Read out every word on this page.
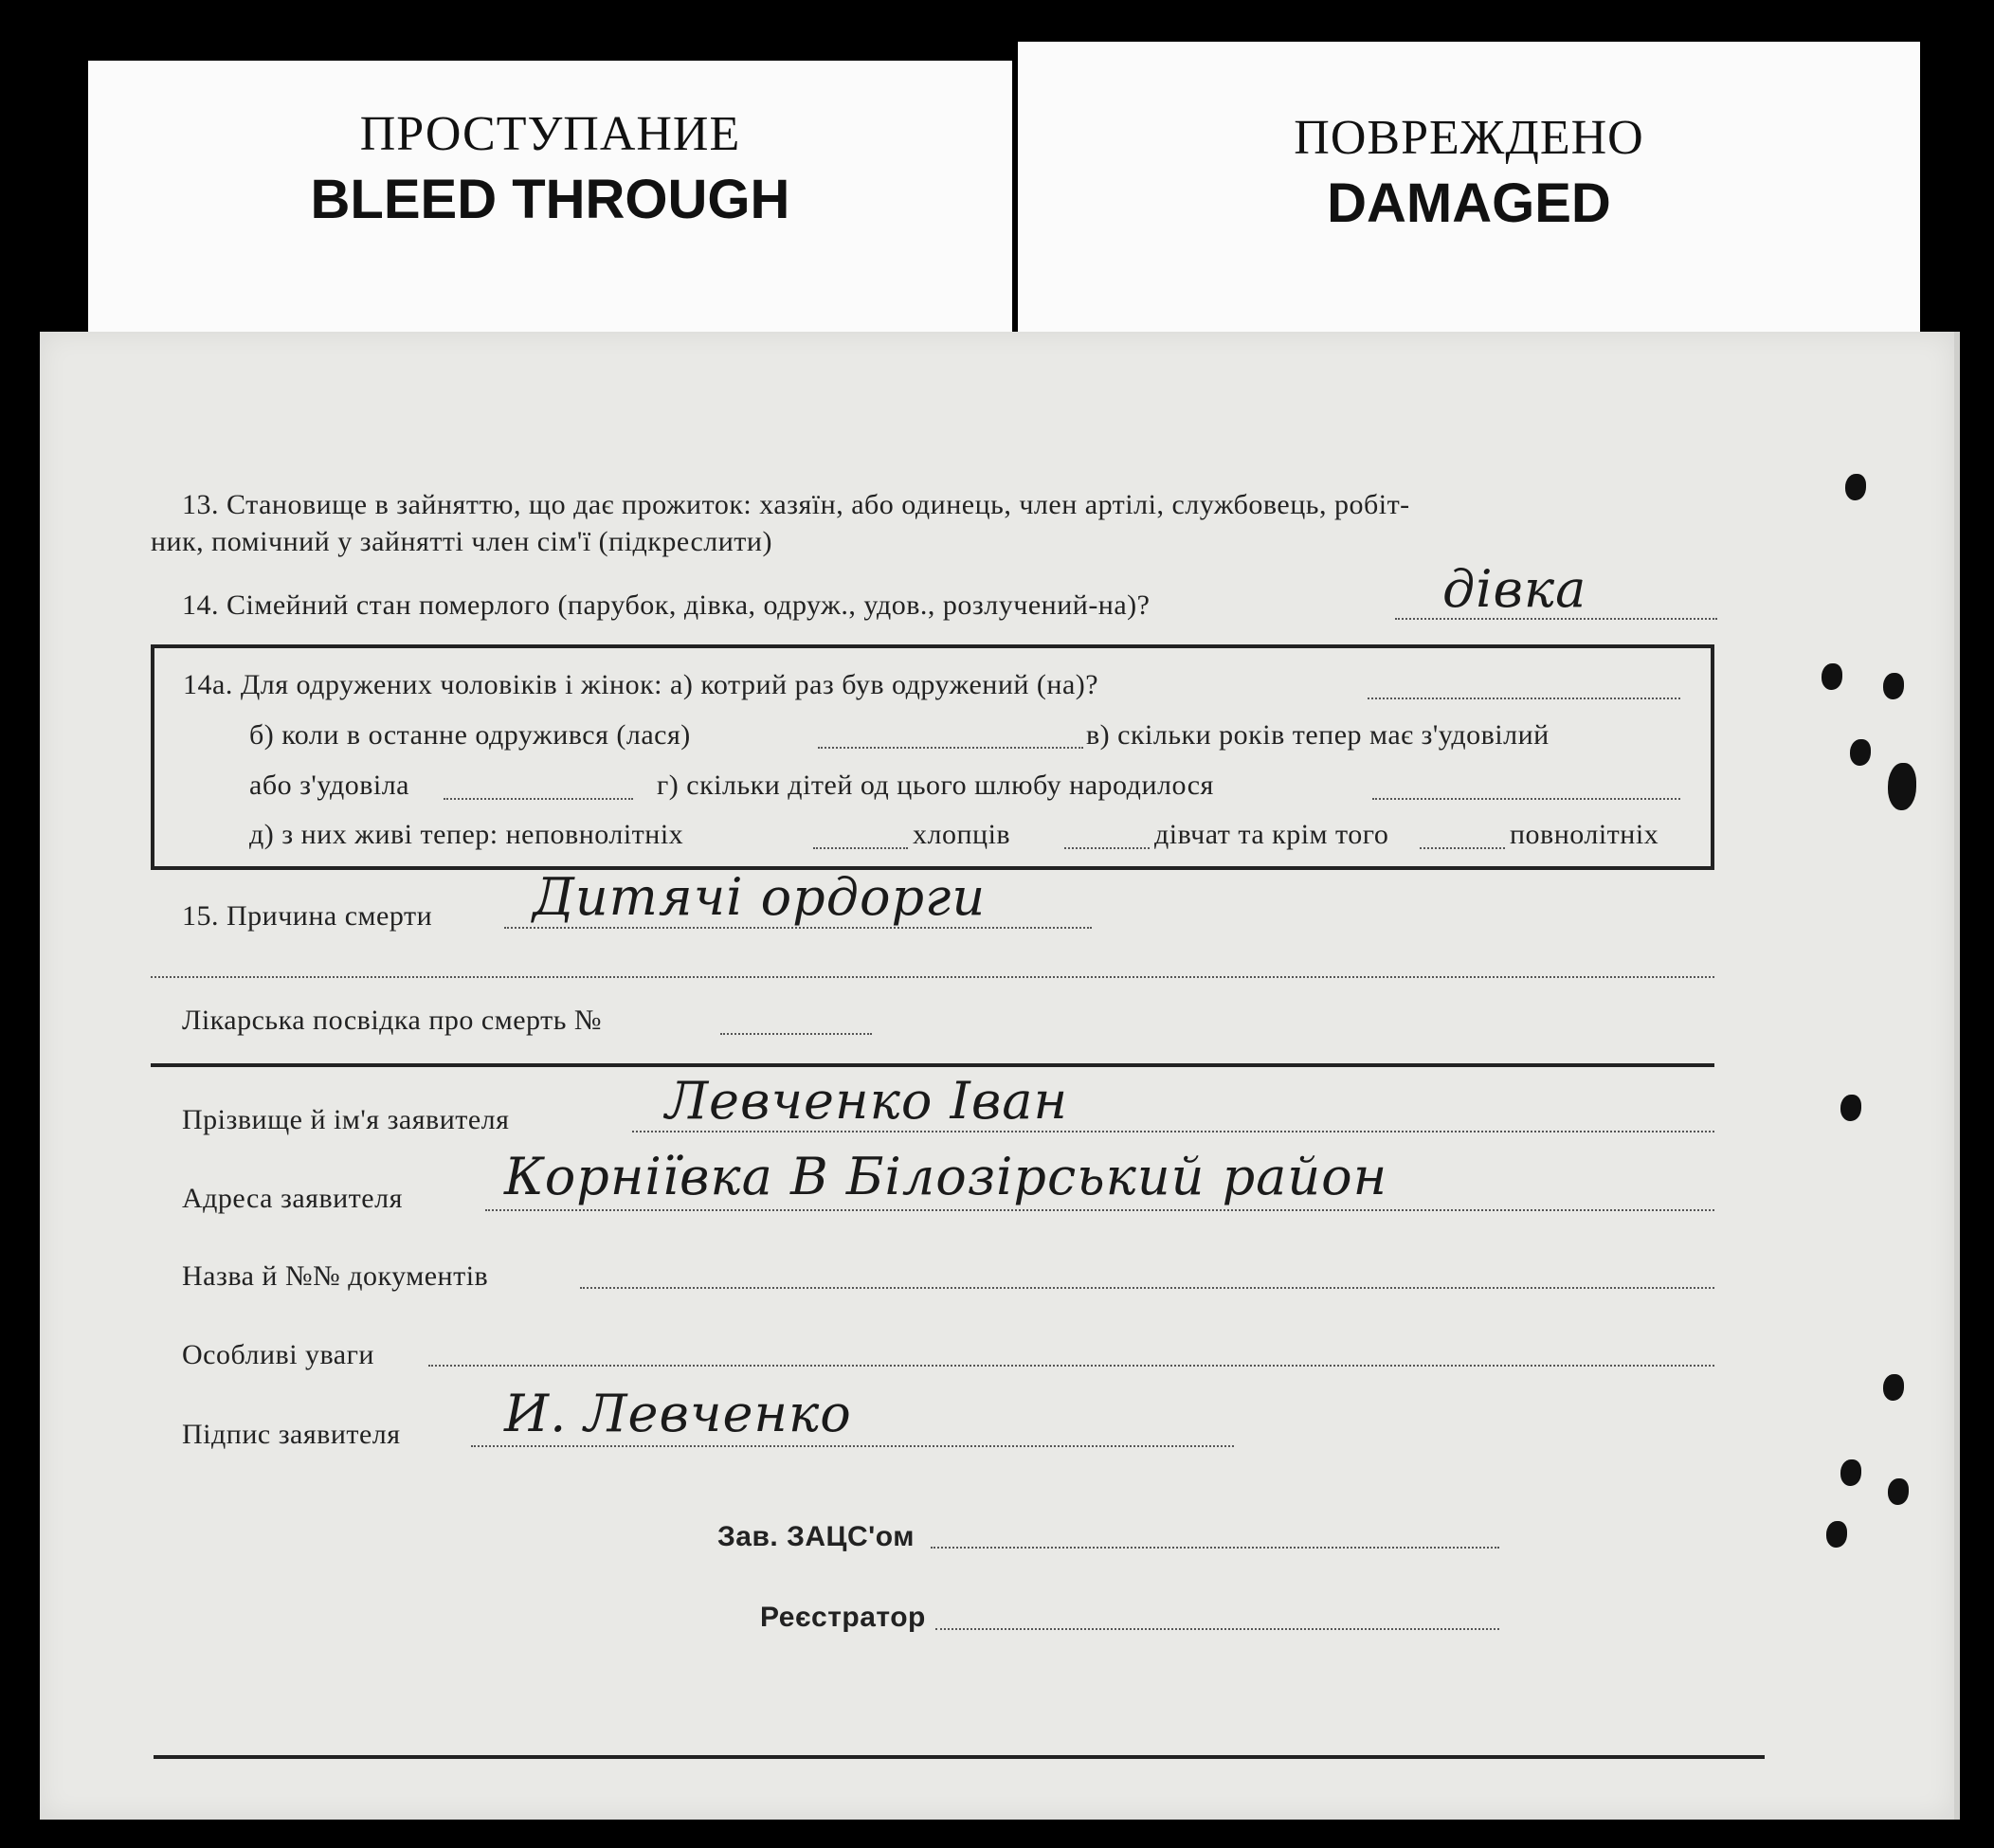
ПРОСТУПАНИЕ
BLEED THROUGH
ПОВРЕЖДЕНО
DAMAGED
13. Становище в зайняттю, що дає прожиток: хазяїн, або одинець, член артілі, службовець, робіт-
ник, помічний у зайнятті член сім'ї (підкреслити)
14. Сімейний стан померлого (парубок, дівка, одруж., удов., розлучений-на)?	дівка
14а. Для одружених чоловіків і жінок: а) котрий раз був одружений (на)?
б) коли в останне одружився (лася)	в) скільки років тепер має з'удовілий
або з'удовіла	г) скільки дітей од цього шлюбу народилося
д) з них живі тепер: неповнолітніх	хлопців	дівчат та крім того	повнолітніх
15. Причина смерти Дитячі ордорги
Лікарська посвідка про смерть №
Прізвище й ім'я заявителя	Левченко Іван
Адреса заявителя Корніївка В Білозірський район
Назва й №№ документів
Особливі уваги
Підпис заявителя И. Левченко
Зав. ЗАЦС'ом
Реєстратор
